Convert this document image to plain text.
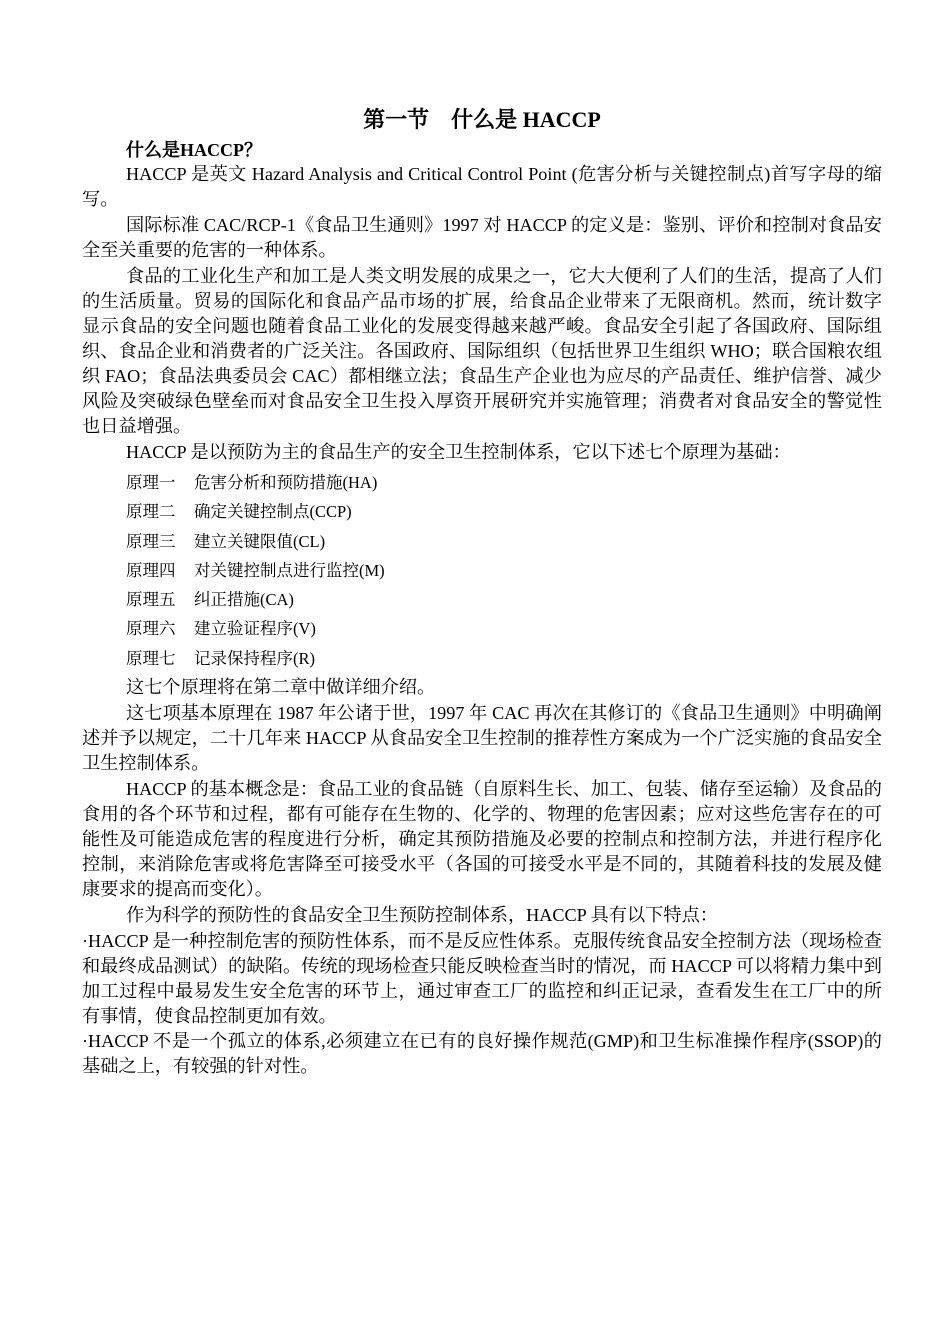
第一节　什么是 HACCP

什么是HACCP？

HACCP 是英文 Hazard Analysis and Critical Control Point (危害分析与关键控制点)首写字母的缩写。

国际标准 CAC/RCP-1《食品卫生通则》1997 对 HACCP 的定义是：鉴别、评价和控制对食品安全至关重要的危害的一种体系。

食品的工业化生产和加工是人类文明发展的成果之一，它大大便利了人们的生活，提高了人们的生活质量。贸易的国际化和食品产品市场的扩展，给食品企业带来了无限商机。然而，统计数字显示食品的安全问题也随着食品工业化的发展变得越来越严峻。食品安全引起了各国政府、国际组织、食品企业和消费者的广泛关注。各国政府、国际组织（包括世界卫生组织 WHO；联合国粮农组织 FAO；食品法典委员会 CAC）都相继立法；食品生产企业也为应尽的产品责任、维护信誉、减少风险及突破绿色壁垒而对食品安全卫生投入厚资开展研究并实施管理；消费者对食品安全的警觉性也日益增强。

HACCP 是以预防为主的食品生产的安全卫生控制体系，它以下述七个原理为基础：

原理一 危害分析和预防措施(HA)
原理二 确定关键控制点(CCP)
原理三 建立关键限值(CL)
原理四 对关键控制点进行监控(M)
原理五 纠正措施(CA)
原理六 建立验证程序(V)
原理七 记录保持程序(R)

这七个原理将在第二章中做详细介绍。

这七项基本原理在 1987 年公诸于世，1997 年 CAC 再次在其修订的《食品卫生通则》中明确阐述并予以规定，二十几年来 HACCP 从食品安全卫生控制的推荐性方案成为一个广泛实施的食品安全卫生控制体系。

HACCP 的基本概念是：食品工业的食品链（自原料生长、加工、包装、储存至运输）及食品的食用的各个环节和过程，都有可能存在生物的、化学的、物理的危害因素；应对这些危害存在的可能性及可能造成危害的程度进行分析，确定其预防措施及必要的控制点和控制方法，并进行程序化控制，来消除危害或将危害降至可接受水平（各国的可接受水平是不同的，其随着科技的发展及健康要求的提高而变化）。

作为科学的预防性的食品安全卫生预防控制体系，HACCP 具有以下特点：

·HACCP 是一种控制危害的预防性体系，而不是反应性体系。克服传统食品安全控制方法（现场检查和最终成品测试）的缺陷。传统的现场检查只能反映检查当时的情况，而 HACCP 可以将精力集中到加工过程中最易发生安全危害的环节上，通过审查工厂的监控和纠正记录，查看发生在工厂中的所有事情，使食品控制更加有效。

·HACCP 不是一个孤立的体系,必须建立在已有的良好操作规范(GMP)和卫生标准操作程序(SSOP)的基础之上，有较强的针对性。
